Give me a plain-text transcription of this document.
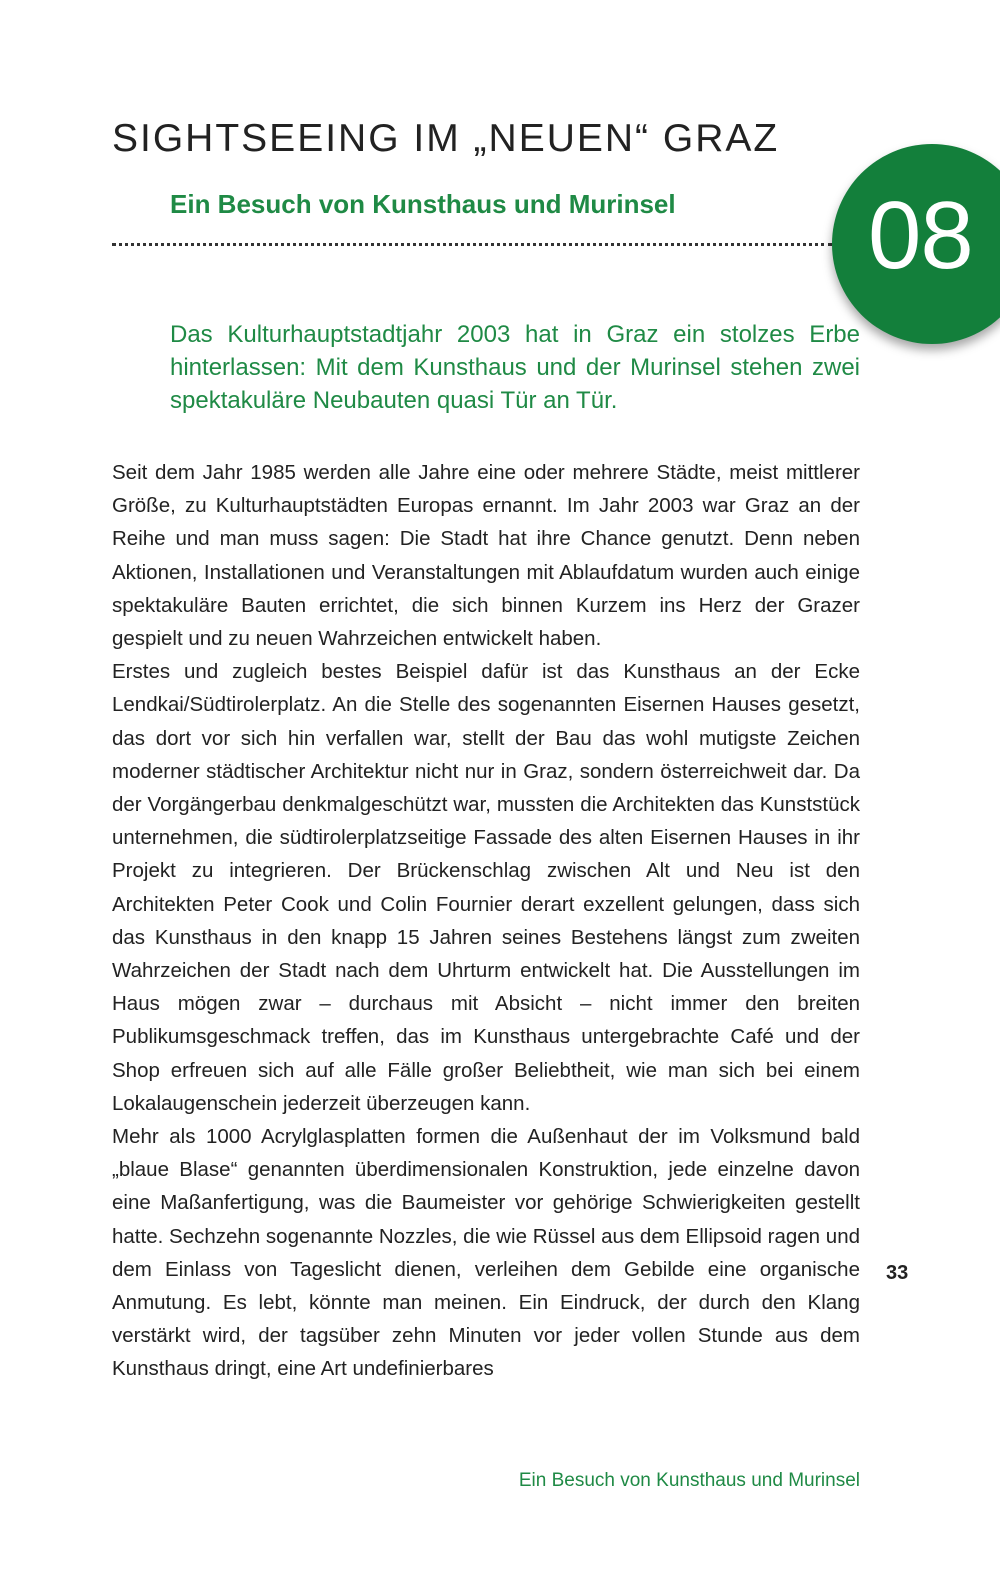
SIGHTSEEING IM „NEUEN“ GRAZ
Ein Besuch von Kunsthaus und Murinsel 08

Das Kulturhauptstadtjahr 2003 hat in Graz ein stolzes Erbe hinterlassen: Mit dem Kunsthaus und der Murinsel stehen zwei spektakuläre Neubauten quasi Tür an Tür.

Seit dem Jahr 1985 werden alle Jahre eine oder mehrere Städte, meist mittlerer Größe, zu Kulturhauptstädten Europas ernannt. Im Jahr 2003 war Graz an der Reihe und man muss sagen: Die Stadt hat ihre Chance genutzt. Denn neben Aktionen, Installationen und Veranstaltungen mit Ablaufdatum wurden auch einige spektakuläre Bauten errichtet, die sich binnen Kurzem ins Herz der Grazer gespielt und zu neuen Wahrzeichen entwickelt haben.

Erstes und zugleich bestes Beispiel dafür ist das Kunsthaus an der Ecke Lendkai/Südtirolerplatz. An die Stelle des sogenannten Eisernen Hauses gesetzt, das dort vor sich hin verfallen war, stellt der Bau das wohl mutigste Zeichen moderner städtischer Architektur nicht nur in Graz, sondern österreichweit dar. Da der Vorgängerbau denkmalgeschützt war, mussten die Architekten das Kunststück unternehmen, die südtirolerplatzseitige Fassade des alten Eisernen Hauses in ihr Projekt zu integrieren. Der Brückenschlag zwischen Alt und Neu ist den Architekten Peter Cook und Colin Fournier derart exzellent gelungen, dass sich das Kunsthaus in den knapp 15 Jahren seines Bestehens längst zum zweiten Wahrzeichen der Stadt nach dem Uhrturm entwickelt hat. Die Ausstellungen im Haus mögen zwar – durchaus mit Absicht – nicht immer den breiten Publikumsgeschmack treffen, das im Kunsthaus untergebrachte Café und der Shop erfreuen sich auf alle Fälle großer Beliebtheit, wie man sich bei einem Lokalaugenschein jederzeit überzeugen kann.

Mehr als 1000 Acrylglasplatten formen die Außenhaut der im Volksmund bald „blaue Blase“ genannten überdimensionalen Konstruktion, jede einzelne davon eine Maßanfertigung, was die Baumeister vor gehörige Schwierigkeiten gestellt hatte. Sechzehn sogenannte Nozzles, die wie Rüssel aus dem Ellipsoid ragen und dem Einlass von Tageslicht dienen, verleihen dem Gebilde eine organische Anmutung. Es lebt, könnte man meinen. Ein Eindruck, der durch den Klang verstärkt wird, der tagsüber zehn Minuten vor jeder vollen Stunde aus dem Kunsthaus dringt, eine Art undefinierbares

33
Ein Besuch von Kunsthaus und Murinsel
